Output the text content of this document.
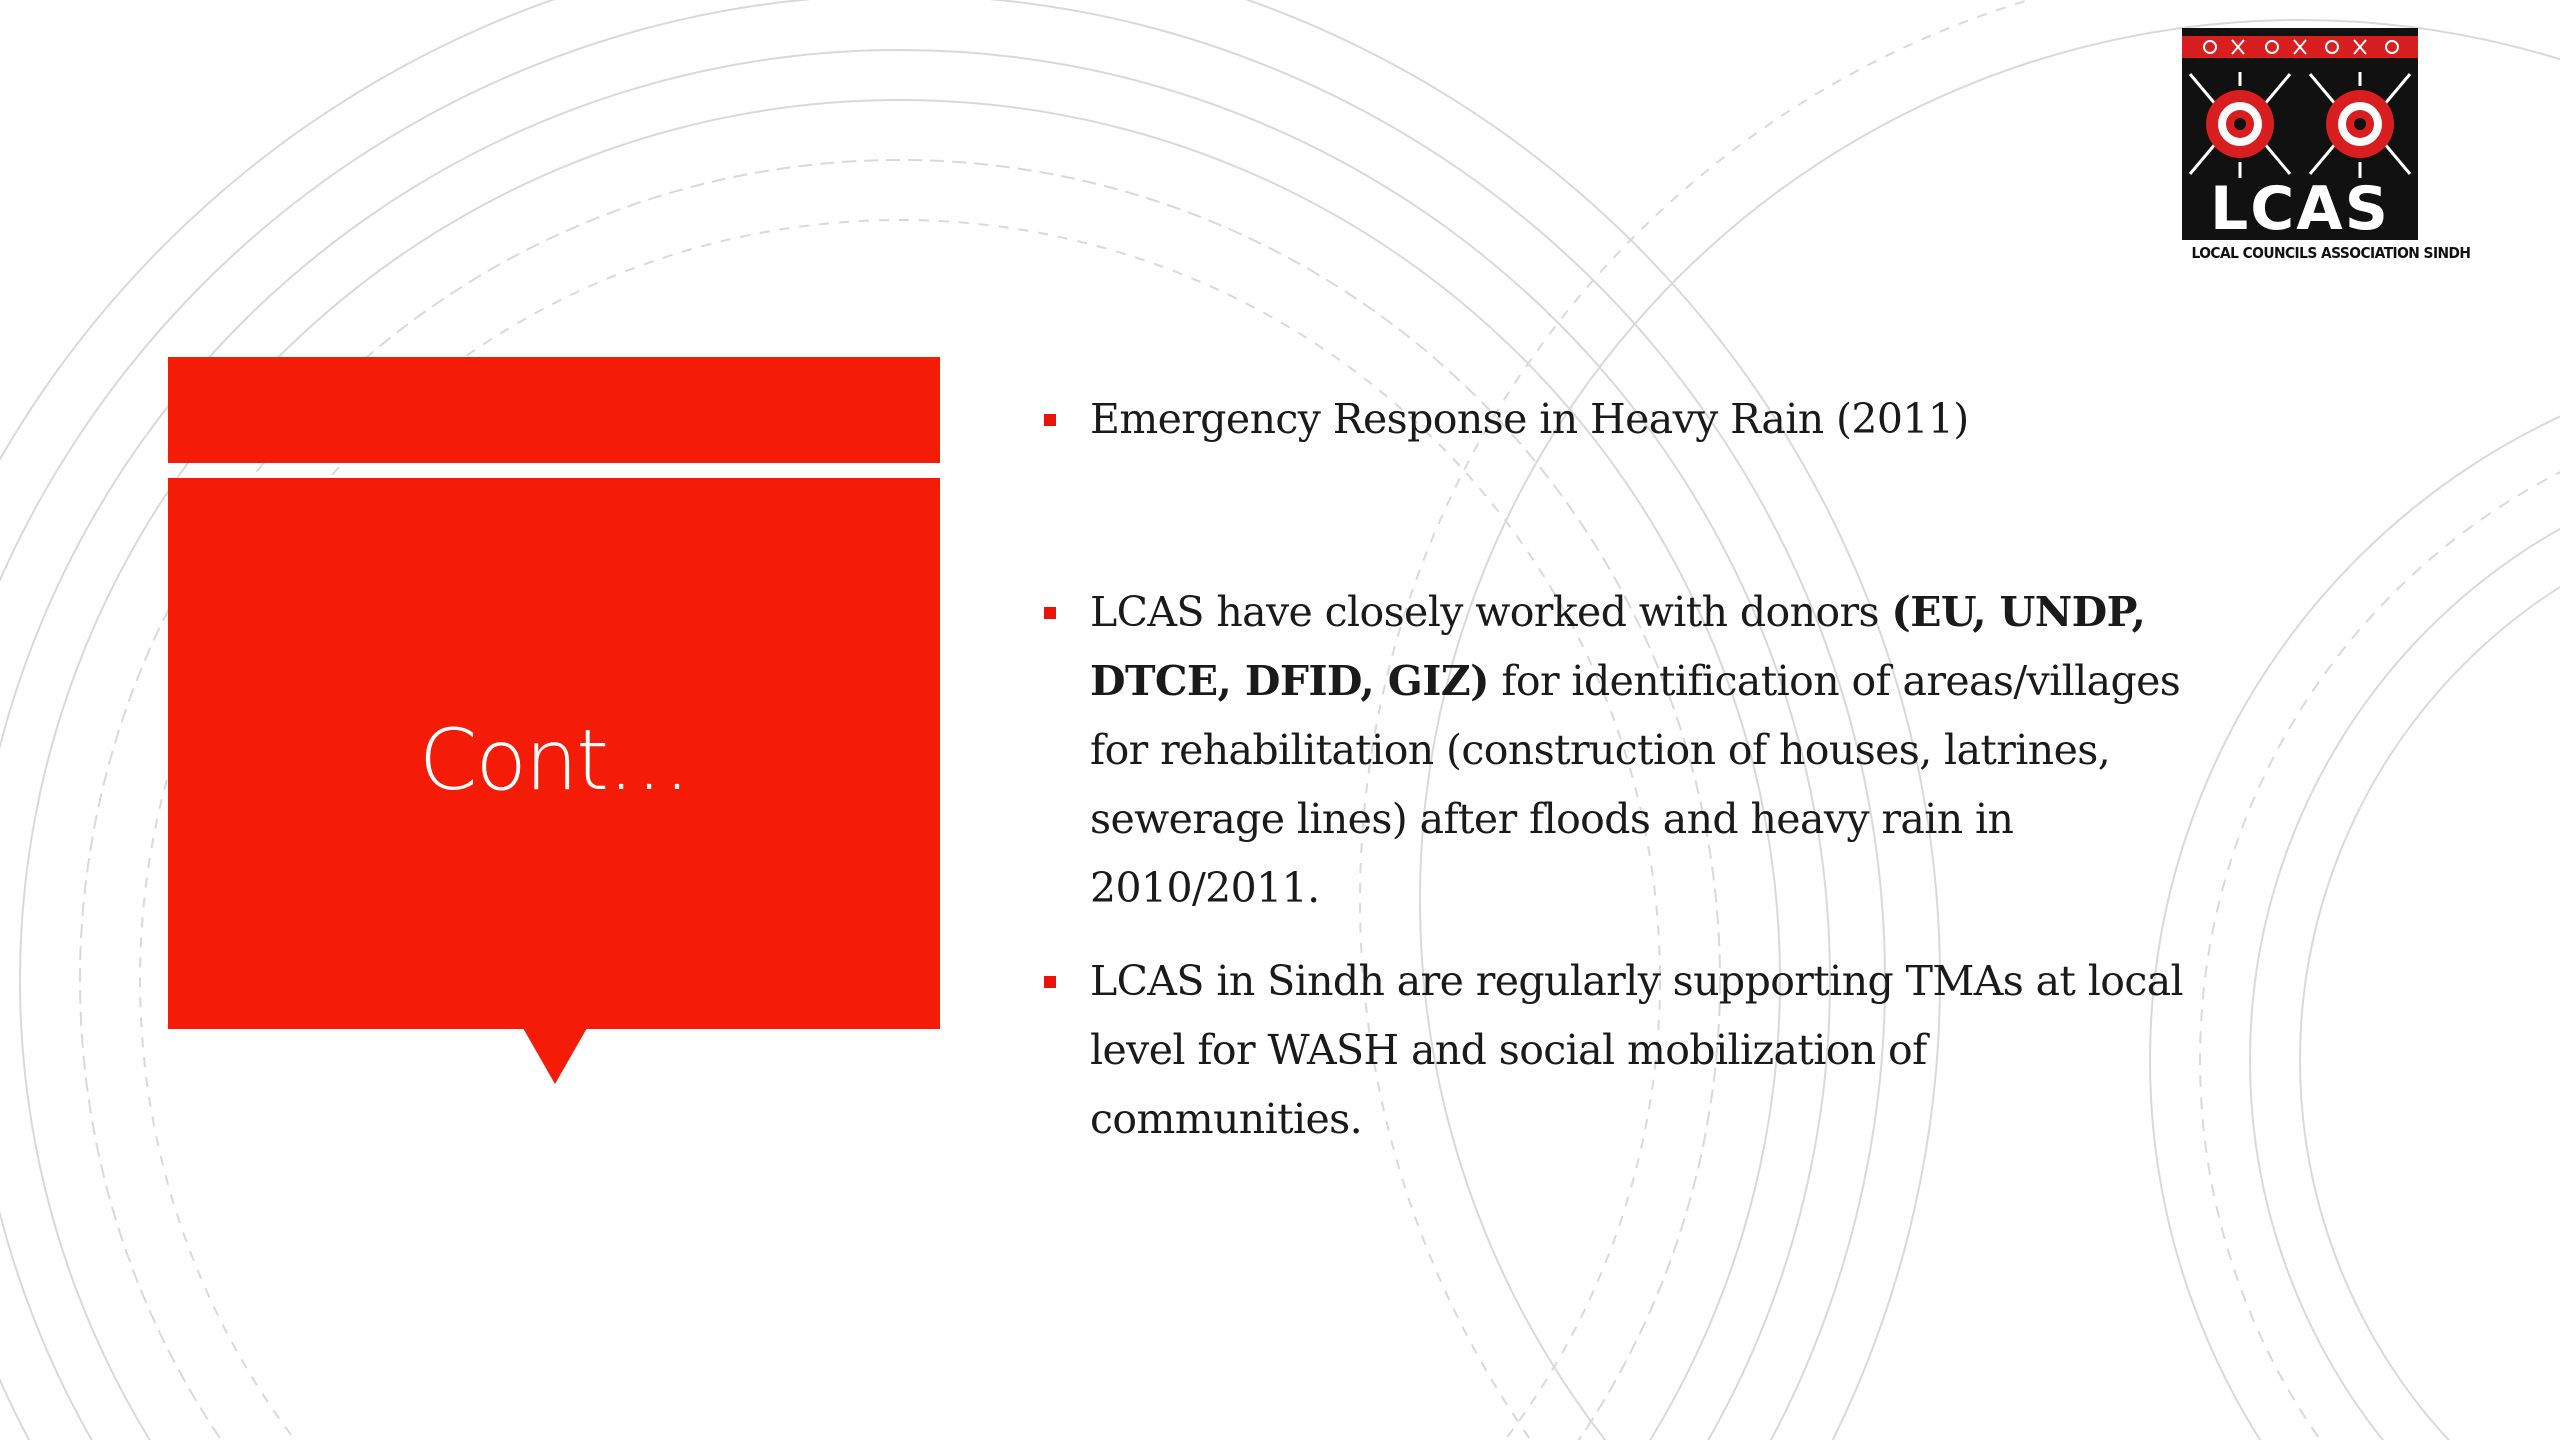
Cont…
Emergency Response in Heavy Rain (2011)
LCAS have closely worked with donors (EU, UNDP, DTCE, DFID, GIZ) for identification of areas/villages for rehabilitation (construction of houses, latrines, sewerage lines) after floods and heavy rain in 2010/2011.
LCAS in Sindh are regularly supporting TMAs at local level for WASH and social mobilization of communities.
LCAS
LOCAL COUNCILS ASSOCIATION SINDH
